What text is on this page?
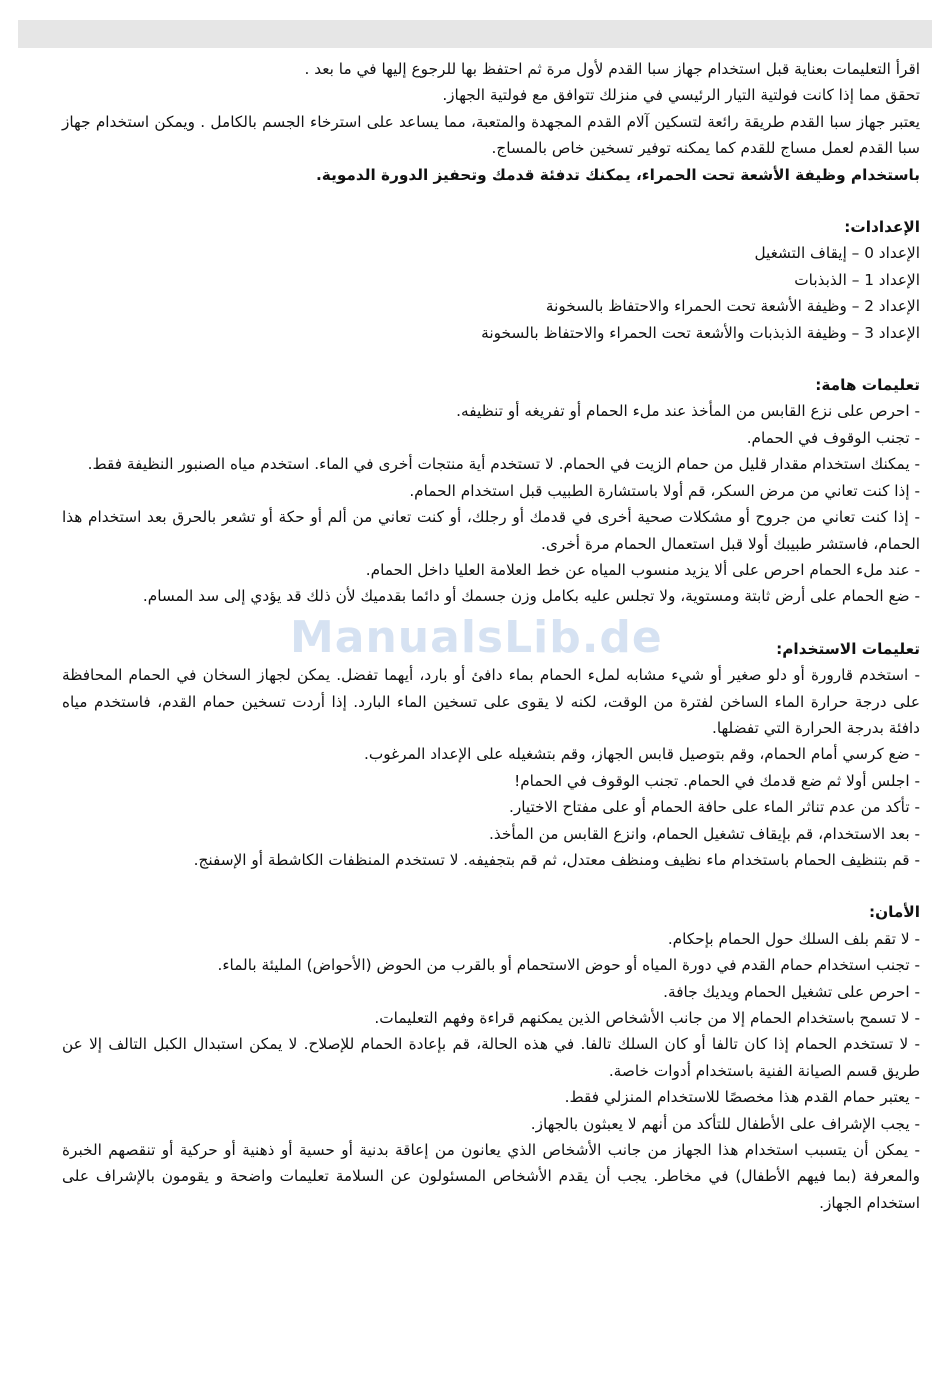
اقرأ التعليمات بعناية قبل استخدام جهاز سبا القدم لأول مرة ثم احتفظ بها للرجوع إليها في ما بعد .

تحقق مما إذا كانت فولتية التيار الرئيسي في منزلك تتوافق مع فولتية الجهاز.

يعتبر جهاز سبا القدم طريقة رائعة لتسكين آلام القدم المجهدة والمتعبة، مما يساعد على استرخاء الجسم بالكامل . ويمكن استخدام جهاز سبا القدم لعمل مساج للقدم كما يمكنه توفير تسخين خاص بالمساج.

باستخدام وظيفة الأشعة تحت الحمراء، يمكنك تدفئة قدمك وتحفيز الدورة الدموية.

الإعدادات:

الإعداد 0 – إيقاف التشغيل

الإعداد 1 – الذبذبات

الإعداد 2 – وظيفة الأشعة تحت الحمراء والاحتفاظ بالسخونة

الإعداد 3 – وظيفة الذبذبات والأشعة تحت الحمراء والاحتفاظ بالسخونة

تعليمات هامة:

- احرص على نزع القابس من المأخذ عند ملء الحمام أو تفريغه أو تنظيفه.

- تجنب الوقوف في الحمام.

- يمكنك استخدام مقدار قليل من حمام الزيت في الحمام. لا تستخدم أية منتجات أخرى في الماء. استخدم مياه الصنبور النظيفة فقط.

- إذا كنت تعاني من مرض السكر، قم أولا باستشارة الطبيب قبل استخدام الحمام.

- إذا كنت تعاني من جروح أو مشكلات صحية أخرى في قدمك أو رجلك، أو كنت تعاني من ألم أو حكة أو تشعر بالحرق بعد استخدام هذا الحمام، فاستشر طبيبك أولا قبل استعمال الحمام مرة أخرى.

- عند ملء الحمام احرص على ألا يزيد منسوب المياه عن خط العلامة العليا داخل الحمام.

- ضع الحمام على أرض ثابتة ومستوية، ولا تجلس عليه بكامل وزن جسمك أو دائما بقدميك لأن ذلك قد يؤدي إلى سد المسام.

تعليمات الاستخدام:

- استخدم قارورة أو دلو صغير أو شيء مشابه لملء الحمام بماء دافئ أو بارد، أيهما تفضل. يمكن لجهاز السخان في الحمام المحافظة على درجة حرارة الماء الساخن لفترة من الوقت، لكنه لا يقوى على تسخين الماء البارد. إذا أردت تسخين حمام القدم، فاستخدم مياه دافئة بدرجة الحرارة التي تفضلها.

- ضع كرسي أمام الحمام، وقم بتوصيل قابس الجهاز، وقم بتشغيله على الإعداد المرغوب.

- اجلس أولا ثم ضع قدمك في الحمام. تجنب الوقوف في الحمام!

- تأكد من عدم تناثر الماء على حافة الحمام أو على مفتاح الاختيار.

- بعد الاستخدام، قم بإيقاف تشغيل الحمام، وانزع القابس من المأخذ.

- قم بتنظيف الحمام باستخدام ماء نظيف ومنظف معتدل، ثم قم بتجفيفه. لا تستخدم المنظفات الكاشطة أو الإسفنج.

الأمان:

- لا تقم بلف السلك حول الحمام بإحكام.

- تجنب استخدام حمام القدم في دورة المياه أو حوض الاستحمام أو بالقرب من الحوض (الأحواض) المليئة بالماء.

- احرص على تشغيل الحمام ويديك جافة.

- لا تسمح باستخدام الحمام إلا من جانب الأشخاص الذين يمكنهم قراءة وفهم التعليمات.

- لا تستخدم الحمام إذا كان تالفا أو كان السلك تالفا. في هذه الحالة، قم بإعادة الحمام للإصلاح. لا يمكن استبدال الكبل التالف إلا عن طريق قسم الصيانة الفنية باستخدام أدوات خاصة.

- يعتبر حمام القدم هذا مخصصًا للاستخدام المنزلي فقط.

- يجب الإشراف على الأطفال للتأكد من أنهم لا يعبثون بالجهاز.

- يمكن أن يتسبب استخدام هذا الجهاز من جانب الأشخاص الذي يعانون من إعاقة بدنية أو حسية أو ذهنية أو حركية أو تنقصهم الخبرة والمعرفة (بما فيهم الأطفال) في مخاطر. يجب أن يقدم الأشخاص المسئولون عن السلامة تعليمات واضحة و يقومون بالإشراف على استخدام الجهاز.

ManualsLib.de
